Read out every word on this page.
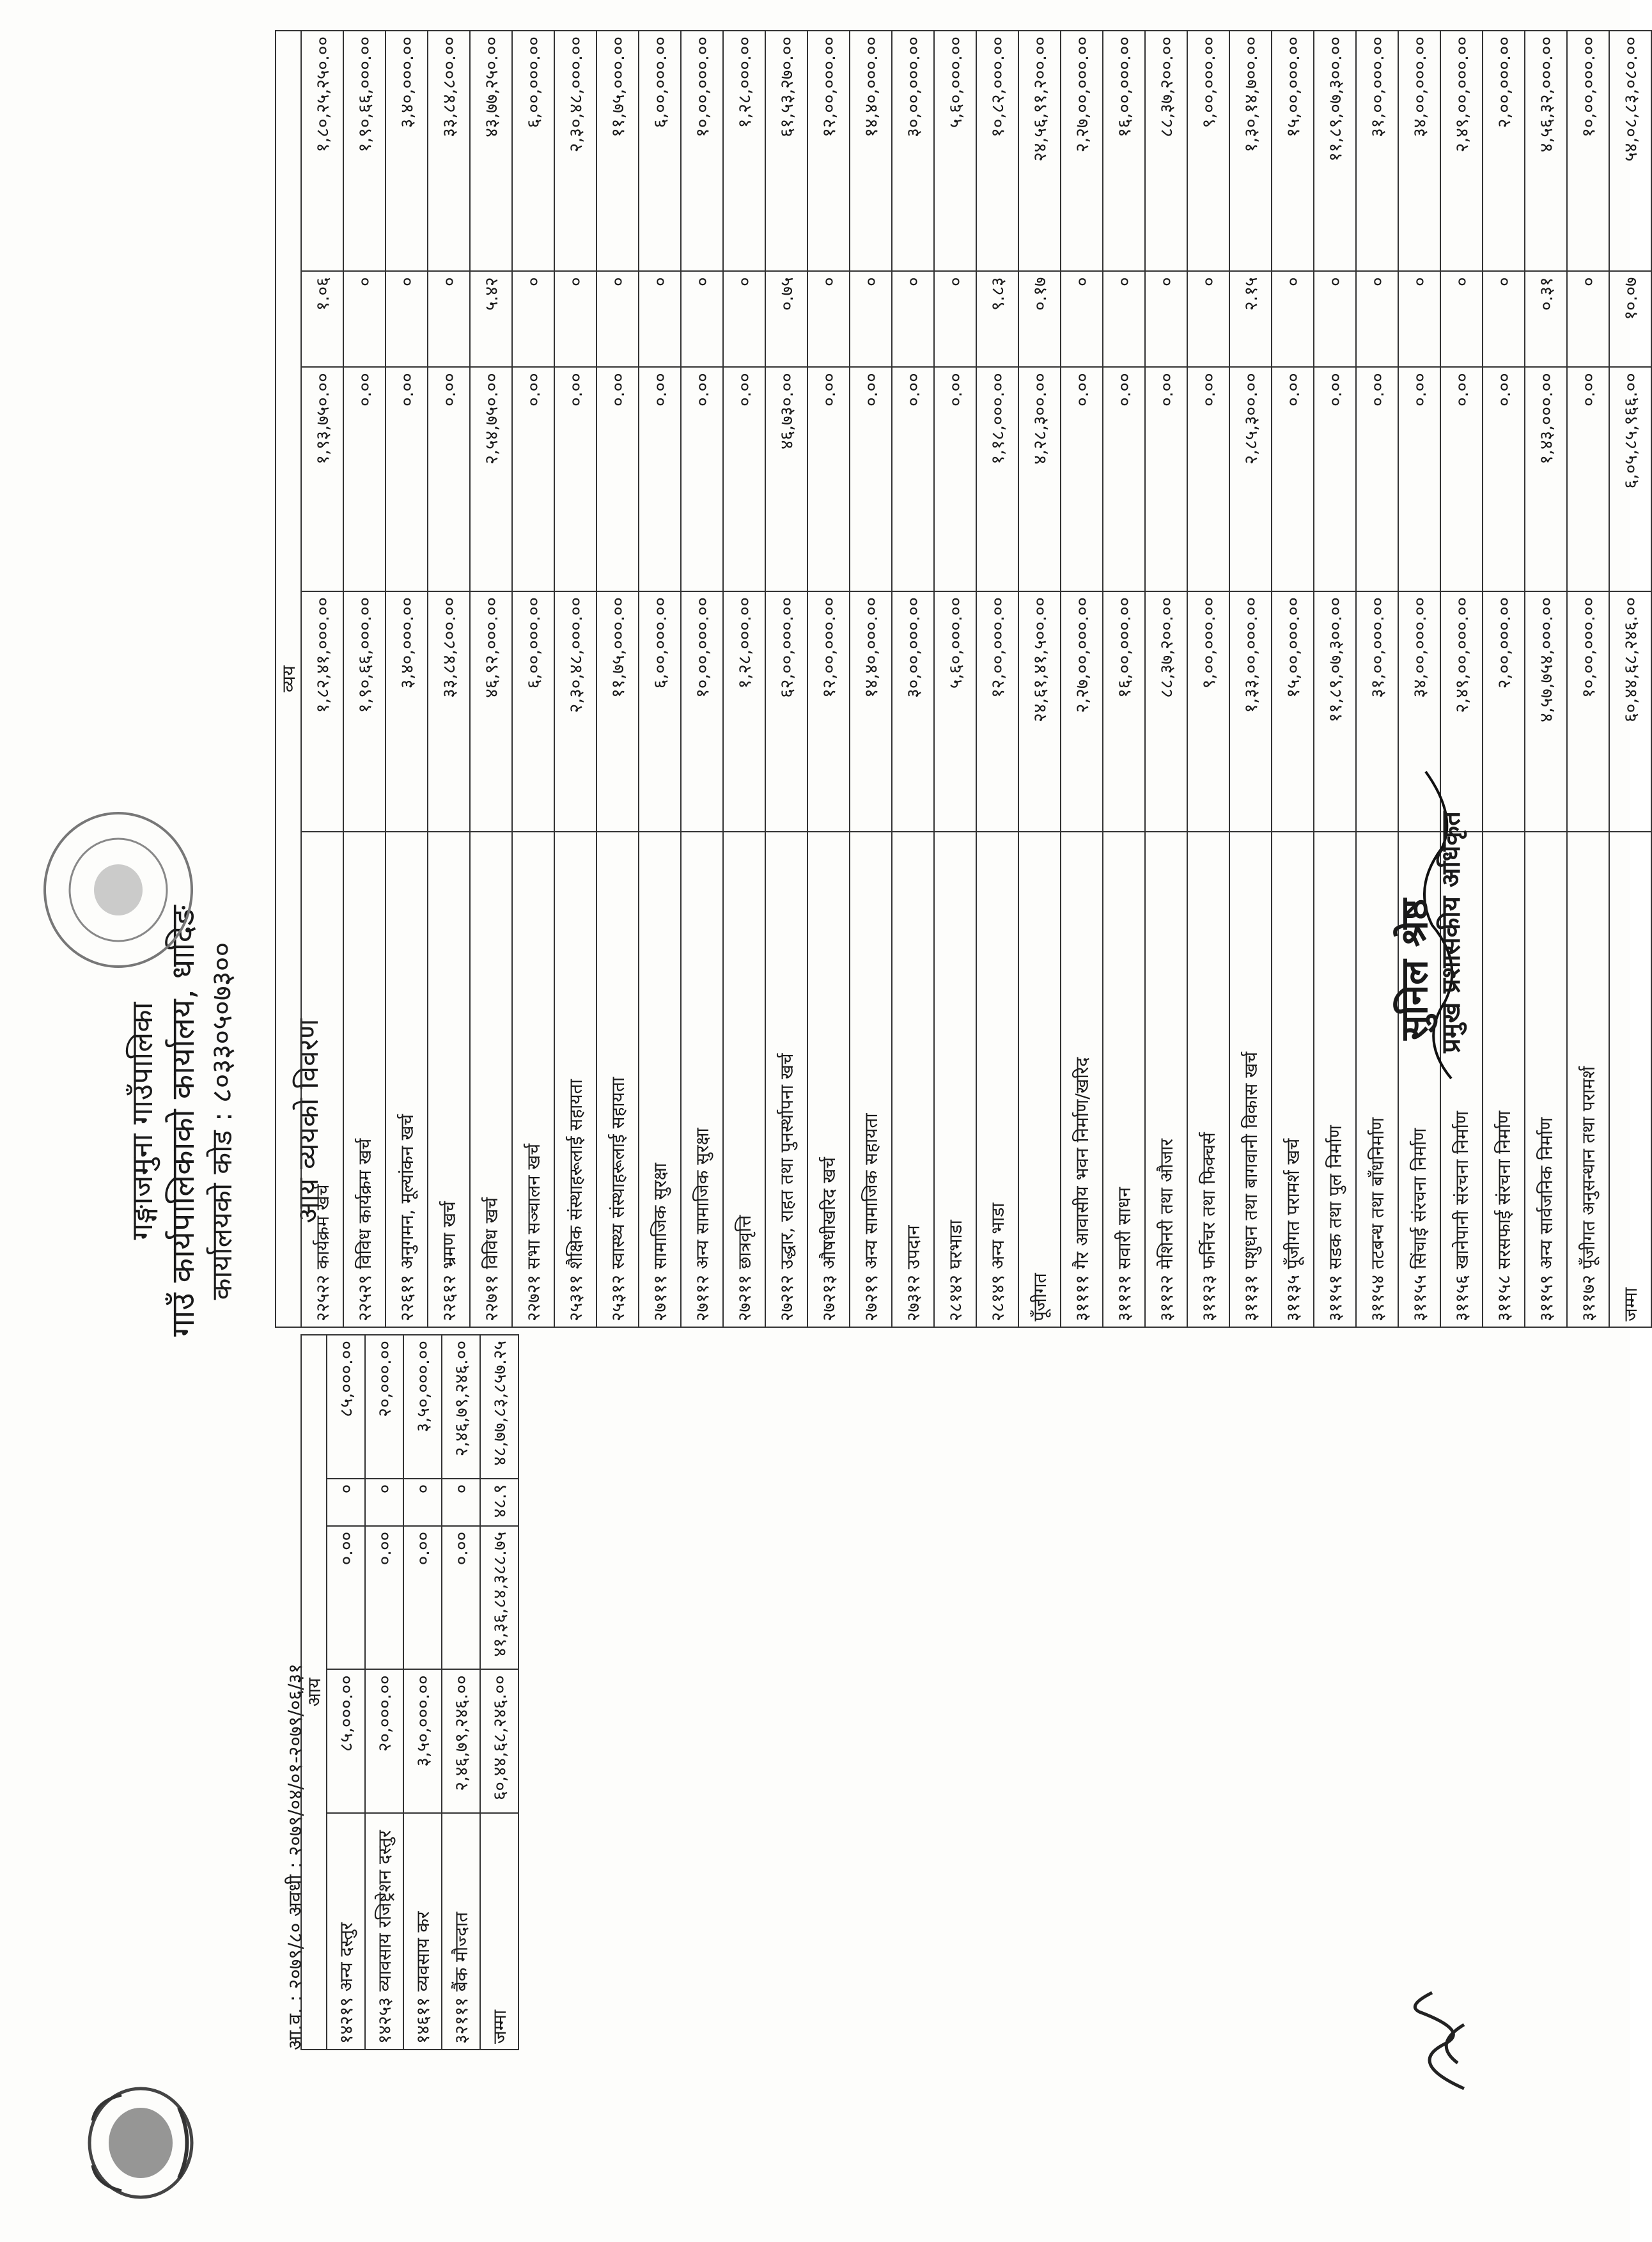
गङ्गाजमुना गाउँपालिका गाउँ कार्यपालिकाको कार्यालय, धादिङ कार्यालयको कोड : ८०३३०५०७३०० आय व्ययको विवरण
आ.व. : २०७९/८० अवधी : २०७९/०४/०१-२०७९/०६/३१
आय				
१४२१९ अन्य दस्तुर	८५,०००.००	०.००	०	८५,०००.००
१४२५३ व्यावसाय रजिष्ट्रेशन दस्तुर	२०,०००.००	०.००	०	२०,०००.००
१४६११ व्यवसाय कर	३,५०,०००.००	०.००	०	३,५०,०००.००
३२१११ बैंक मौज्दात	२,४६,७९,२४६.००	०.००	०	२,४६,७९,२४६.००
जम्मा	६०,४४,६८,२४६.००	४१,३६,८४,३८८.७५	४८.९	४८,७७,८३,८५७.२५
व्यय				
२२५२२ कार्यक्रम खर्च	१,८२,४१,०००.००	१,९३,७५०.००	१.०६	१,८०,२५,२५०.००
२२५२९ विविध कार्यक्रम खर्च	१,९०,६६,०००.००	०.००	०	१,९०,६६,०००.००
२२६११ अनुगमन, मूल्यांकन खर्च	३,४०,०००.००	०.००	०	३,४०,०००.००
२२६१२ भ्रमण खर्च	३३,८४,८००.००	०.००	०	३३,८४,८००.००
२२७११ विविध खर्च	४६,९२,०००.००	२,५४,७५०.००	५.४२	४३,७७,२५०.००
२२७२१ सभा सञ्चालन खर्च	६,००,०००.००	०.००	०	६,००,०००.००
२५३११ शैक्षिक संस्थाहरूलाई सहायता	२,३०,४८,०००.००	०.००	०	२,३०,४८,०००.००
२५३१२ स्वास्थ्य संस्थाहरूलाई सहायता	११,७५,०००.००	०.००	०	११,७५,०००.००
२७१११ सामाजिक सुरक्षा	६,००,०००.००	०.००	०	६,००,०००.००
२७११२ अन्य सामाजिक सुरक्षा	१०,००,०००.००	०.००	०	१०,००,०००.००
२७२११ छात्रवृत्ति	१,२८,०००.००	०.००	०	१,२८,०००.००
२७२१२ उद्धार, राहत तथा पुनर्स्थापना खर्च	६२,००,०००.००	४६,७३०.००	०.७५	६१,५३,२७०.००
२७२१३ औषधीखरिद खर्च	१२,००,०००.००	०.००	०	१२,००,०००.००
२७२१९ अन्य सामाजिक सहायता	१४,४०,०००.००	०.००	०	१४,४०,०००.००
२७३१२ उपदान	३०,००,०००.००	०.००	०	३०,००,०००.००
२८१४२ घरभाडा	५,६०,०००.००	०.००	०	५,६०,०००.००
२८१४९ अन्य भाडा	१२,००,०००.००	१,१८,०००.००	९.८३	१०,८२,०००.००
पूँजीगत	२४,६१,४१,५००.००	४,२८,३००.००	०.१७	२४,५६,९१,२००.००
३११११ गैर आवासीय भवन निर्माण/खरिद	२,२७,००,०००.००	०.००	०	२,२७,००,०००.००
३११२१ सवारी साधन	१६,००,०००.००	०.००	०	१६,००,०००.००
३११२२ मेशिनरी तथा औजार	८८,३७,२००.००	०.००	०	८८,३७,२००.००
३११२३ फर्निचर तथा फिक्चर्स	९,००,०००.००	०.००	०	९,००,०००.००
३११३१ पशुधन तथा बागवानी विकास खर्च	१,३३,००,०००.००	२,८५,३००.००	२.१५	१,३०,१४,७००.००
३११३५ पूँजीगत परामर्श खर्च	१५,००,०००.००	०.००	०	१५,००,०००.००
३११५१ सडक तथा पुल निर्माण	११,८९,०७,३००.००	०.००	०	११,८९,०७,३००.००
३११५४ तटबन्ध तथा बाँधनिर्माण	३१,००,०००.००	०.००	०	३१,००,०००.००
३११५५ सिंचाई संरचना निर्माण	३४,००,०००.००	०.००	०	३४,००,०००.००
३११५६ खानेपानी संरचना निर्माण	२,४९,००,०००.००	०.००	०	२,४९,००,०००.००
३११५८ सरसफाई संरचना निर्माण	२,००,०००.००	०.००	०	२,००,०००.००
३११५९ अन्य सार्वजनिक निर्माण	४,५७,७५४,०००.००	१,४३,०००.००	०.३१	४,५६,३२,०००.००
३११७२ पूँजीगत अनुसन्धान तथा परामर्श	१०,००,०००.००	०.००	०	१०,००,०००.००
जम्मा	६०,४४,६८,२४६.००	६,०५,८५,९६६.००	१०.०७	५४,०८,८३,०८०.००
सुनिल श्रेष्ठ प्रमुख प्रशासकीय अधिकृत
